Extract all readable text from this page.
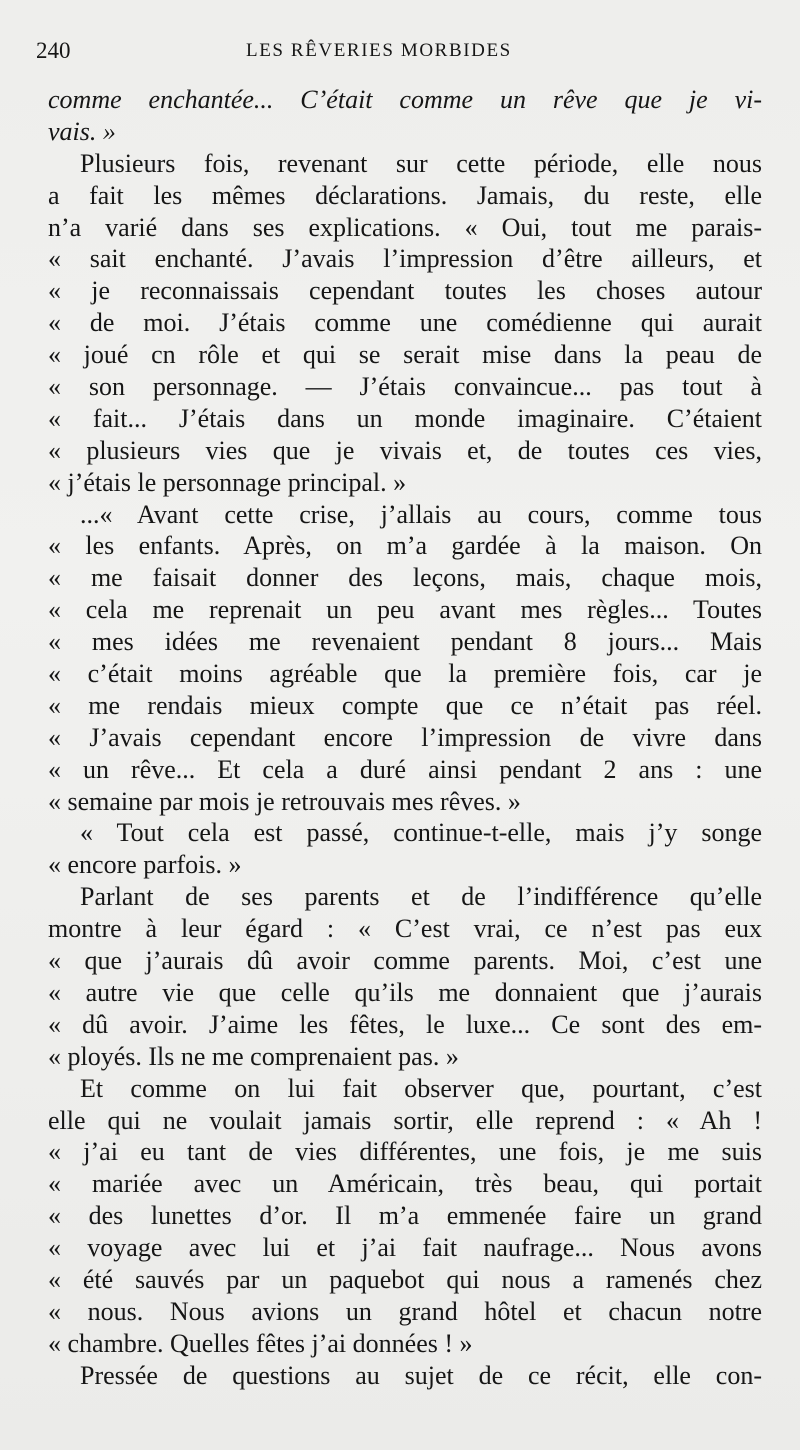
240	LES RÊVERIES MORBIDES
comme enchantée... C’était comme un rêve que je vi-
vais. »
Plusieurs fois, revenant sur cette période, elle nous
a fait les mêmes déclarations. Jamais, du reste, elle
n’a varié dans ses explications. « Oui, tout me parais-
« sait enchanté. J’avais l’impression d’être ailleurs, et
« je reconnaissais cependant toutes les choses autour
« de moi. J’étais comme une comédienne qui aurait
« joué cn rôle et qui se serait mise dans la peau de
« son personnage. — J’étais convaincue... pas tout à
« fait... J’étais dans un monde imaginaire. C’étaient
« plusieurs vies que je vivais et, de toutes ces vies,
« j’étais le personnage principal. »
...« Avant cette crise, j’allais au cours, comme tous
« les enfants. Après, on m’a gardée à la maison. On
« me faisait donner des leçons, mais, chaque mois,
« cela me reprenait un peu avant mes règles... Toutes
« mes idées me revenaient pendant 8 jours... Mais
« c’était moins agréable que la première fois, car je
« me rendais mieux compte que ce n’était pas réel.
« J’avais cependant encore l’impression de vivre dans
« un rêve... Et cela a duré ainsi pendant 2 ans : une
« semaine par mois je retrouvais mes rêves. »
« Tout cela est passé, continue-t-elle, mais j’y songe
« encore parfois. »
Parlant de ses parents et de l’indifférence qu’elle
montre à leur égard : « C’est vrai, ce n’est pas eux
« que j’aurais dû avoir comme parents. Moi, c’est une
« autre vie que celle qu’ils me donnaient que j’aurais
« dû avoir. J’aime les fêtes, le luxe... Ce sont des em-
« ployés. Ils ne me comprenaient pas. »
Et comme on lui fait observer que, pourtant, c’est
elle qui ne voulait jamais sortir, elle reprend : « Ah !
« j’ai eu tant de vies différentes, une fois, je me suis
« mariée avec un Américain, très beau, qui portait
« des lunettes d’or. Il m’a emmenée faire un grand
« voyage avec lui et j’ai fait naufrage... Nous avons
« été sauvés par un paquebot qui nous a ramenés chez
« nous. Nous avions un grand hôtel et chacun notre
« chambre. Quelles fêtes j’ai données ! »
Pressée de questions au sujet de ce récit, elle con-
